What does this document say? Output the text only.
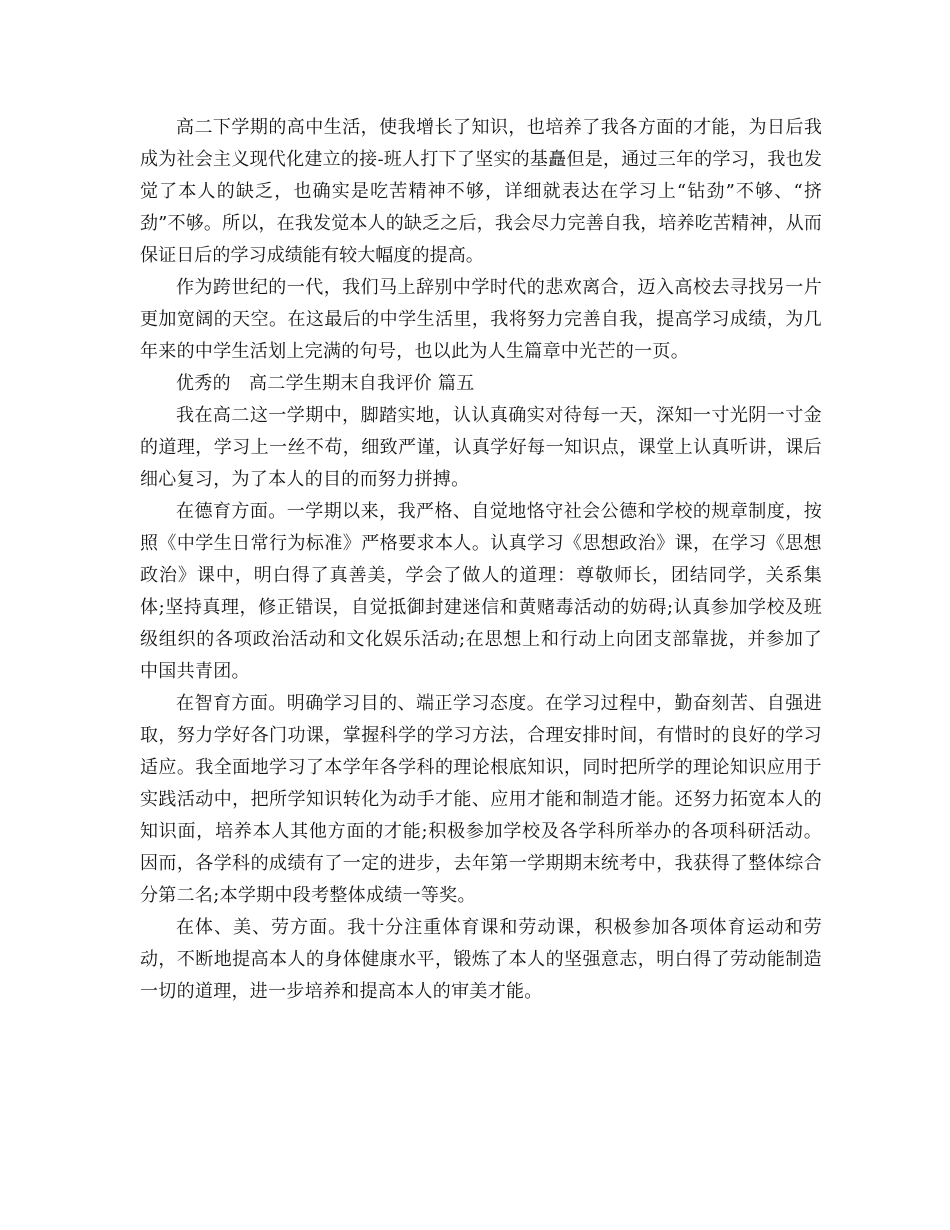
高二下学期的高中生活，使我增长了知识，也培养了我各方面的才能，为日后我成为社会主义现代化建立的接-班人打下了坚实的基矗但是，通过三年的学习，我也发觉了本人的缺乏，也确实是吃苦精神不够，详细就表达在学习上“钻劲”不够、“挤劲”不够。所以，在我发觉本人的缺乏之后，我会尽力完善自我，培养吃苦精神，从而保证日后的学习成绩能有较大幅度的提高。

作为跨世纪的一代，我们马上辞别中学时代的悲欢离合，迈入高校去寻找另一片更加宽阔的天空。在这最后的中学生活里，我将努力完善自我，提高学习成绩，为几年来的中学生活划上完满的句号，也以此为人生篇章中光芒的一页。

优秀的   高二学生期末自我评价 篇五

我在高二这一学期中，脚踏实地，认认真确实对待每一天，深知一寸光阴一寸金的道理，学习上一丝不苟，细致严谨，认真学好每一知识点，课堂上认真听讲，课后细心复习，为了本人的目的而努力拼搏。

在德育方面。一学期以来，我严格、自觉地恪守社会公德和学校的规章制度，按照《中学生日常行为标准》严格要求本人。认真学习《思想政治》课，在学习《思想政治》课中，明白得了真善美，学会了做人的道理：尊敬师长，团结同学，关系集体;坚持真理，修正错误，自觉抵御封建迷信和黄赌毒活动的妨碍;认真参加学校及班级组织的各项政治活动和文化娱乐活动;在思想上和行动上向团支部靠拢，并参加了中国共青团。

在智育方面。明确学习目的、端正学习态度。在学习过程中，勤奋刻苦、自强进取，努力学好各门功课，掌握科学的学习方法，合理安排时间，有惜时的良好的学习适应。我全面地学习了本学年各学科的理论根底知识，同时把所学的理论知识应用于实践活动中，把所学知识转化为动手才能、应用才能和制造才能。还努力拓宽本人的知识面，培养本人其他方面的才能;积极参加学校及各学科所举办的各项科研活动。因而，各学科的成绩有了一定的进步，去年第一学期期末统考中，我获得了整体综合分第二名;本学期中段考整体成绩一等奖。

在体、美、劳方面。我十分注重体育课和劳动课，积极参加各项体育运动和劳动，不断地提高本人的身体健康水平，锻炼了本人的坚强意志，明白得了劳动能制造一切的道理，进一步培养和提高本人的审美才能。
